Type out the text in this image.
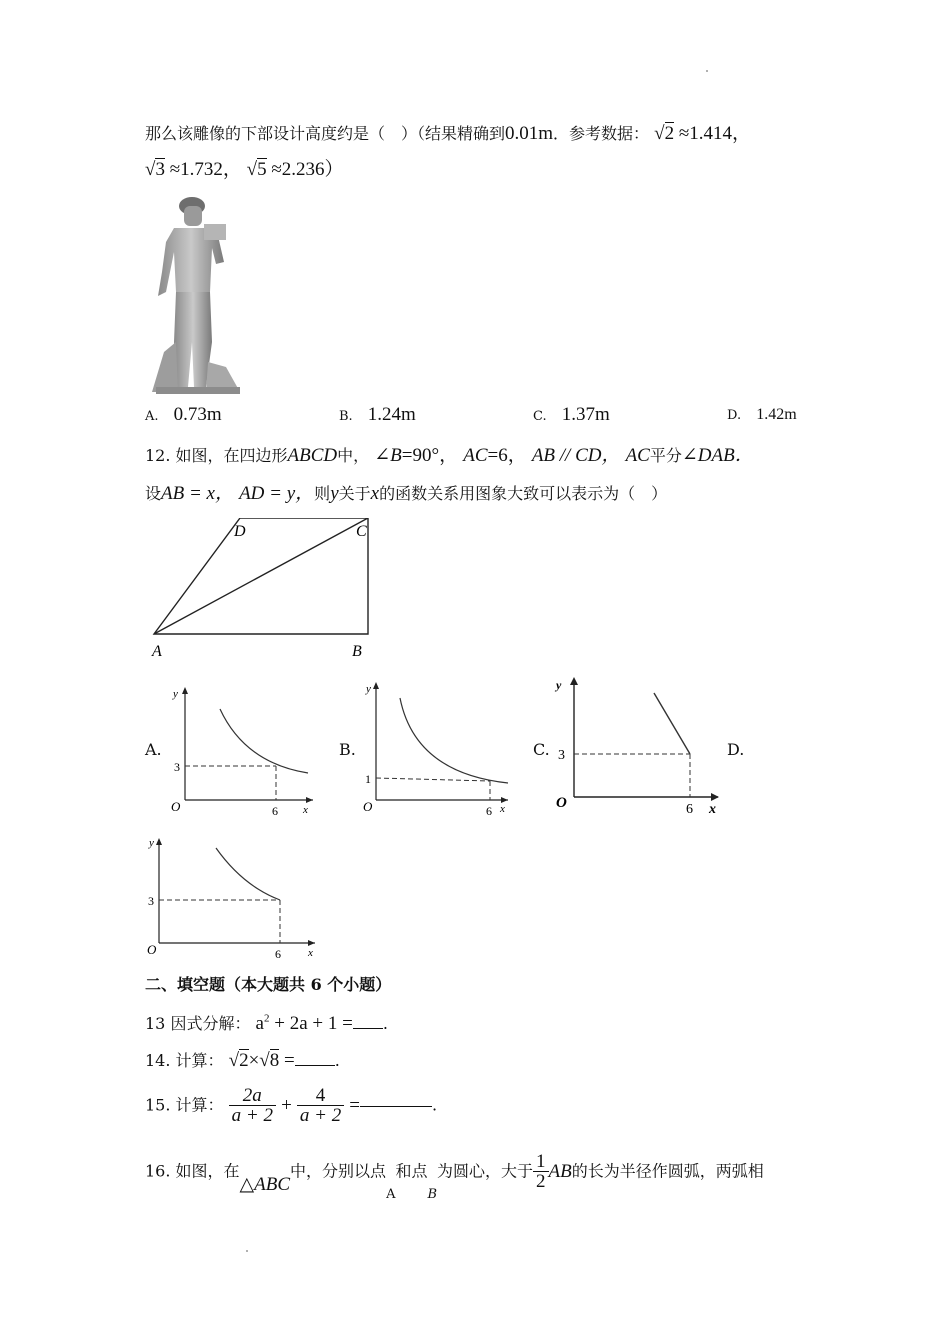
那么该雕像的下部设计高度约是（　）（结果精确到0.01m．参考数据： √2 ≈1.414，
√3 ≈1.732， √5 ≈2.236）
A. 0.73m	B. 1.24m	C. 1.37m	D. 1.42m
12. 如图，在四边形ABCD中， ∠B=90°， AC=6， AB // CD， AC平分∠DAB．
设AB = x， AD = y，则y关于x的函数关系用图象大致可以表示为（　）
D	C
A	B
A.	B.	C.	D.
y
x
O
3
6
y
x
O
1
6
y
x
O
3
6
y
x
O
3
6
二、填空题（本大题共 6 个小题）
13 因式分解： $a^2 + 2a + 1$ = .
14. 计算： √2×√8 =	.
15. 计算： $\frac{2a}{a + 2} + \frac{4}{a + 2}$ =	.
16. 如图，在△ABC中，分别以点$_A$和点$_B$为圆心，大于 $\frac{1}{2}$ AB的长为半径作圆弧，两弧相
